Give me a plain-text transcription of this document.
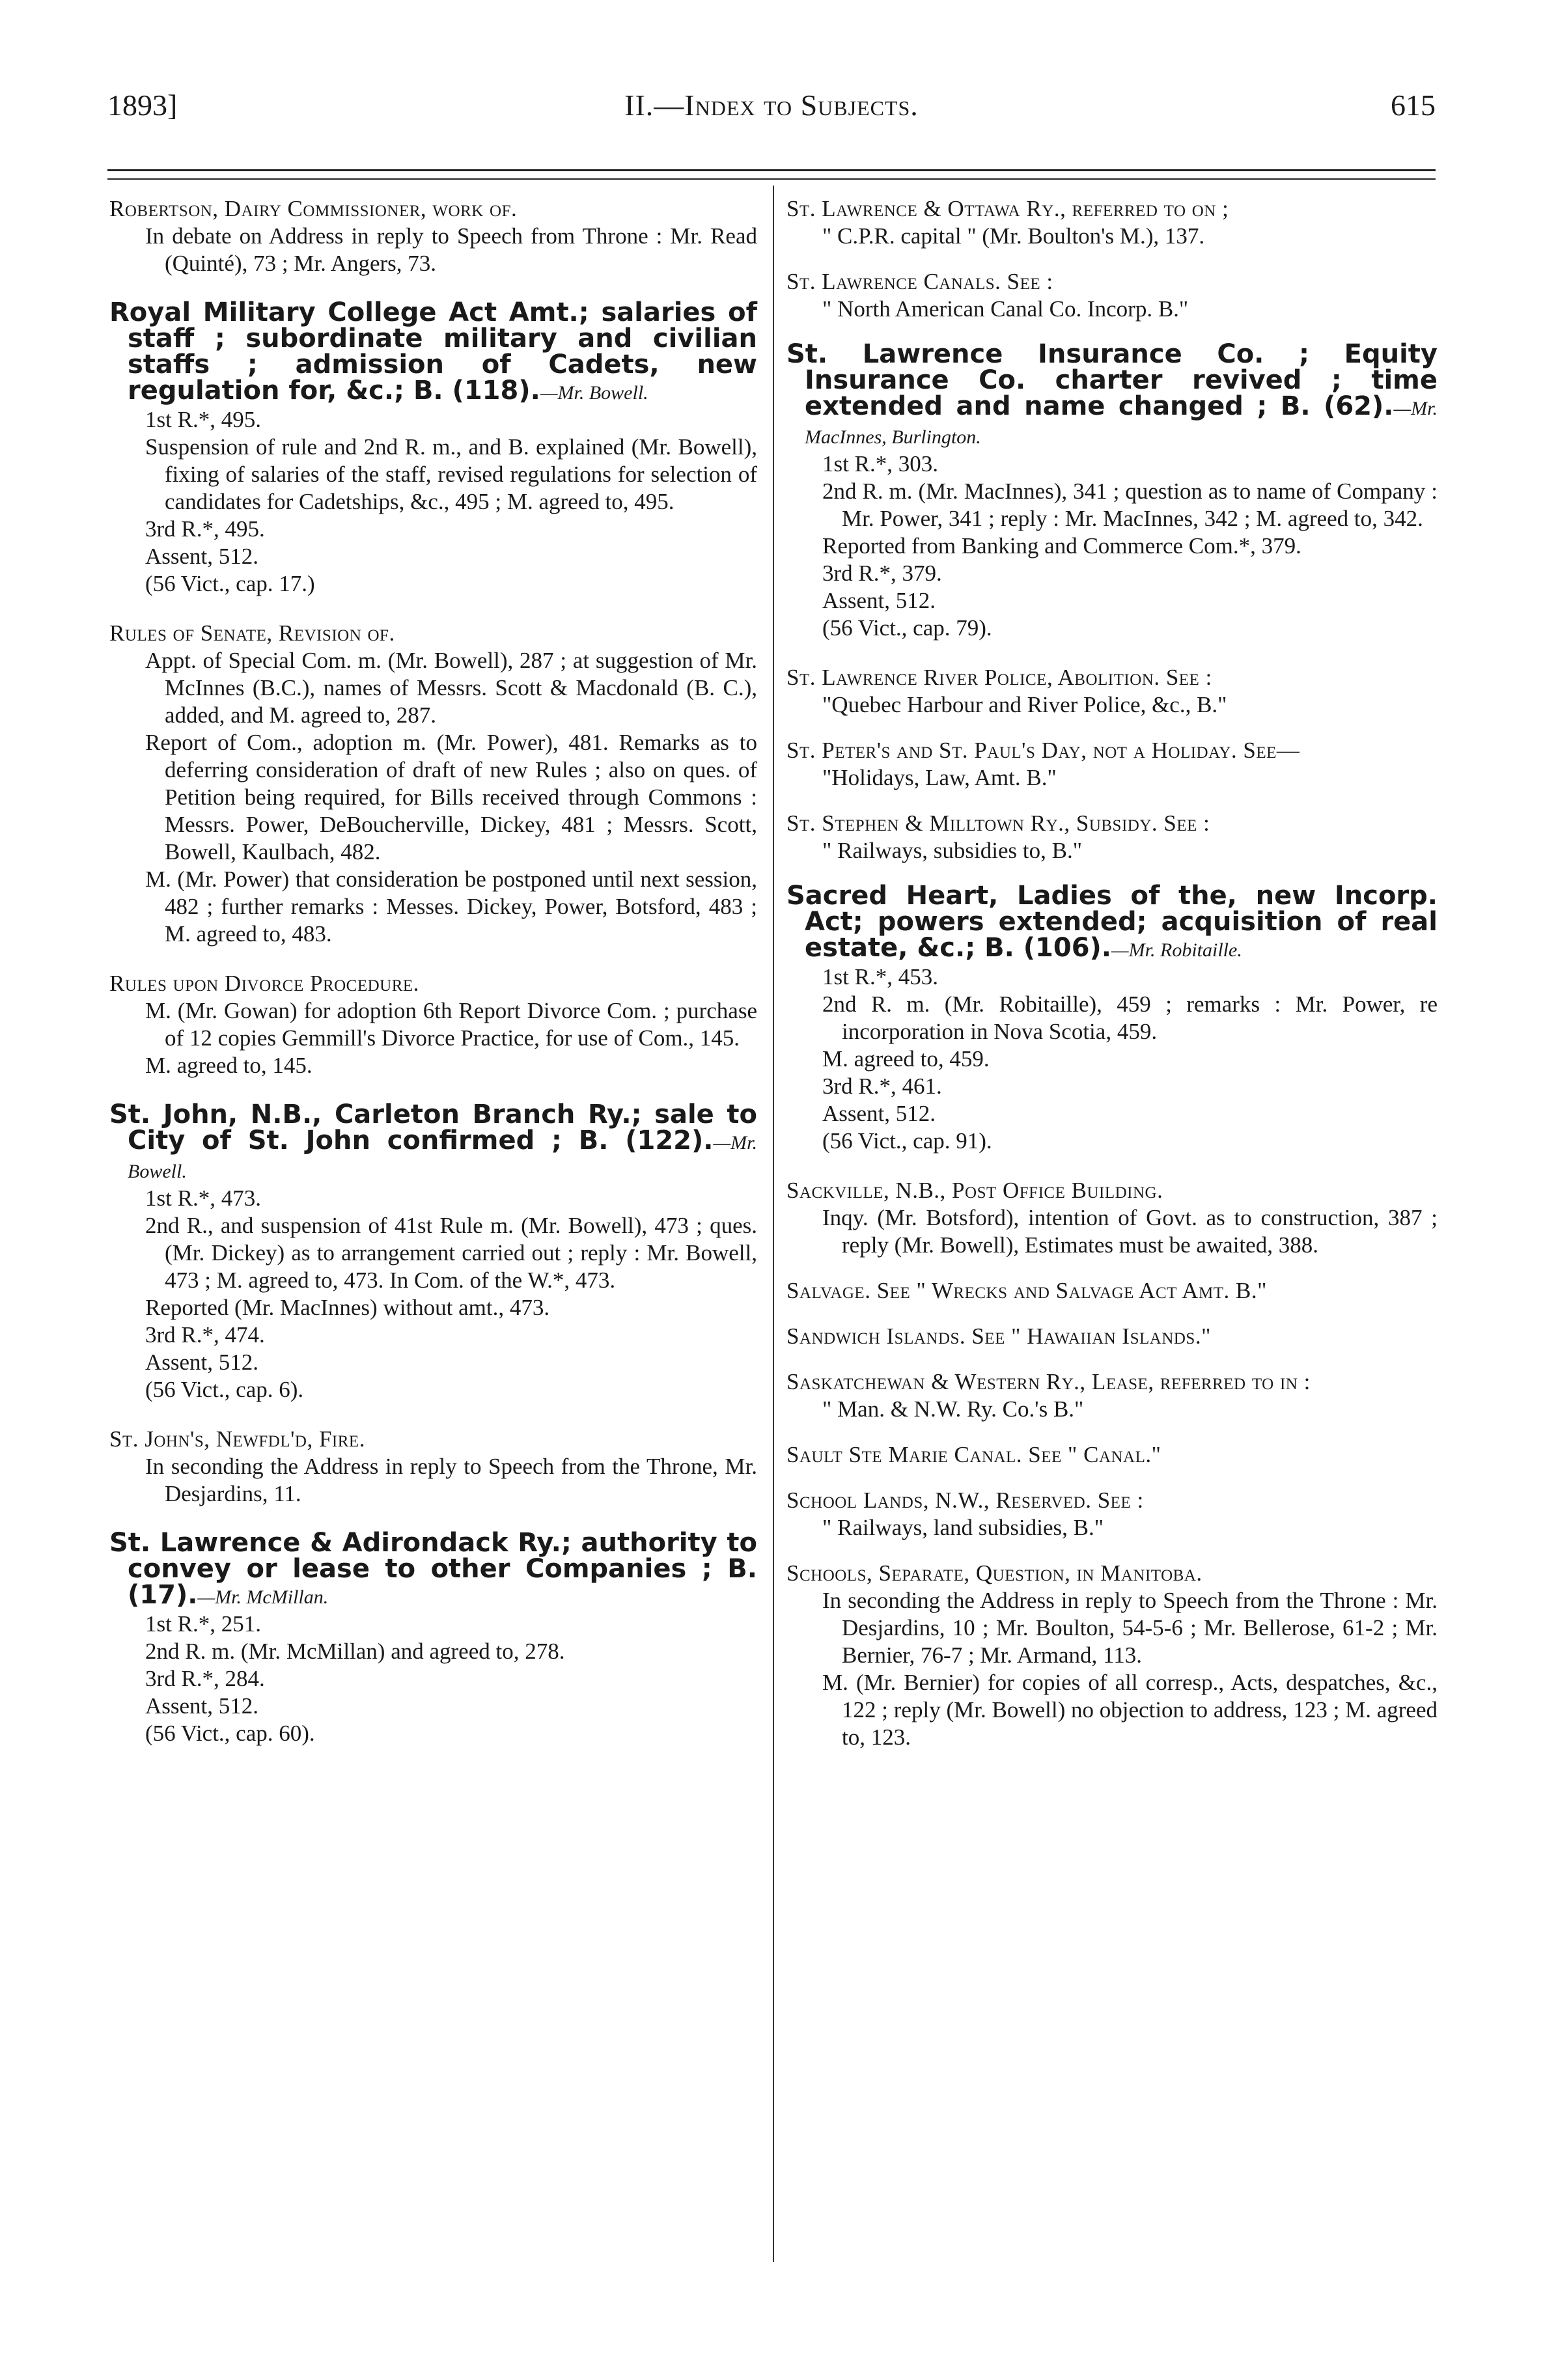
1893]	II.—Index to Subjects.	615
Robertson, Dairy Commissioner, work of.
In debate on Address in reply to Speech from Throne : Mr. Read (Quinté), 73 ; Mr. Angers, 73.
Royal Military College Act Amt.; salaries of staff ; subordinate military and civilian staffs ; admission of Cadets, new regulation for, &c.; B. (118).—Mr. Bowell.
1st R.*, 495.
Suspension of rule and 2nd R. m., and B. explained (Mr. Bowell), fixing of salaries of the staff, revised regulations for selection of candidates for Cadetships, &c., 495 ; M. agreed to, 495.
3rd R.*, 495.
Assent, 512.
(56 Vict., cap. 17.)
Rules of Senate, Revision of.
Appt. of Special Com. m. (Mr. Bowell), 287 ; at suggestion of Mr. McInnes (B.C.), names of Messrs. Scott & Macdonald (B. C.), added, and M. agreed to, 287.
Report of Com., adoption m. (Mr. Power), 481. Remarks as to deferring consideration of draft of new Rules ; also on ques. of Petition being required, for Bills received through Commons : Messrs. Power, DeBoucherville, Dickey, 481 ; Messrs. Scott, Bowell, Kaulbach, 482.
M. (Mr. Power) that consideration be postponed until next session, 482 ; further remarks : Messes. Dickey, Power, Botsford, 483 ; M. agreed to, 483.
Rules upon Divorce Procedure.
M. (Mr. Gowan) for adoption 6th Report Divorce Com. ; purchase of 12 copies Gemmill's Divorce Practice, for use of Com., 145.
M. agreed to, 145.
St. John, N.B., Carleton Branch Ry.; sale to City of St. John confirmed ; B. (122).—Mr. Bowell.
1st R.*, 473.
2nd R., and suspension of 41st Rule m. (Mr. Bowell), 473 ; ques. (Mr. Dickey) as to arrangement carried out ; reply : Mr. Bowell, 473 ; M. agreed to, 473. In Com. of the W.*, 473.
Reported (Mr. MacInnes) without amt., 473.
3rd R.*, 474.
Assent, 512.
(56 Vict., cap. 6).
St. John's, Newfdl'd, Fire.
In seconding the Address in reply to Speech from the Throne, Mr. Desjardins, 11.
St. Lawrence & Adirondack Ry.; authority to convey or lease to other Companies ; B. (17).—Mr. McMillan.
1st R.*, 251.
2nd R. m. (Mr. McMillan) and agreed to, 278.
3rd R.*, 284.
Assent, 512.
(56 Vict., cap. 60).
St. Lawrence & Ottawa Ry., referred to on ;
" C.P.R. capital " (Mr. Boulton's M.), 137.
St. Lawrence Canals. See :
" North American Canal Co. Incorp. B."
St. Lawrence Insurance Co. ; Equity Insurance Co. charter revived ; time extended and name changed ; B. (62).—Mr. MacInnes, Burlington.
1st R.*, 303.
2nd R. m. (Mr. MacInnes), 341 ; question as to name of Company : Mr. Power, 341 ; reply : Mr. MacInnes, 342 ; M. agreed to, 342.
Reported from Banking and Commerce Com.*, 379.
3rd R.*, 379.
Assent, 512.
(56 Vict., cap. 79).
St. Lawrence River Police, Abolition. See :
"Quebec Harbour and River Police, &c., B."
St. Peter's and St. Paul's Day, not a Holiday. See—
"Holidays, Law, Amt. B."
St. Stephen & Milltown Ry., Subsidy. See :
" Railways, subsidies to, B."
Sacred Heart, Ladies of the, new Incorp. Act; powers extended; acquisition of real estate, &c.; B. (106).—Mr. Robitaille.
1st R.*, 453.
2nd R. m. (Mr. Robitaille), 459 ; remarks : Mr. Power, re incorporation in Nova Scotia, 459.
M. agreed to, 459.
3rd R.*, 461.
Assent, 512.
(56 Vict., cap. 91).
Sackville, N.B., Post Office Building.
Inqy. (Mr. Botsford), intention of Govt. as to construction, 387 ; reply (Mr. Bowell), Estimates must be awaited, 388.
Salvage. See " Wrecks and Salvage Act Amt. B."
Sandwich Islands. See " Hawaiian Islands."
Saskatchewan & Western Ry., Lease, referred to in :
" Man. & N.W. Ry. Co.'s B."
Sault Ste Marie Canal. See " Canal."
School Lands, N.W., Reserved. See :
" Railways, land subsidies, B."
Schools, Separate, Question, in Manitoba.
In seconding the Address in reply to Speech from the Throne : Mr. Desjardins, 10 ; Mr. Boulton, 54-5-6 ; Mr. Bellerose, 61-2 ; Mr. Bernier, 76-7 ; Mr. Armand, 113.
M. (Mr. Bernier) for copies of all corresp., Acts, despatches, &c., 122 ; reply (Mr. Bowell) no objection to address, 123 ; M. agreed to, 123.
